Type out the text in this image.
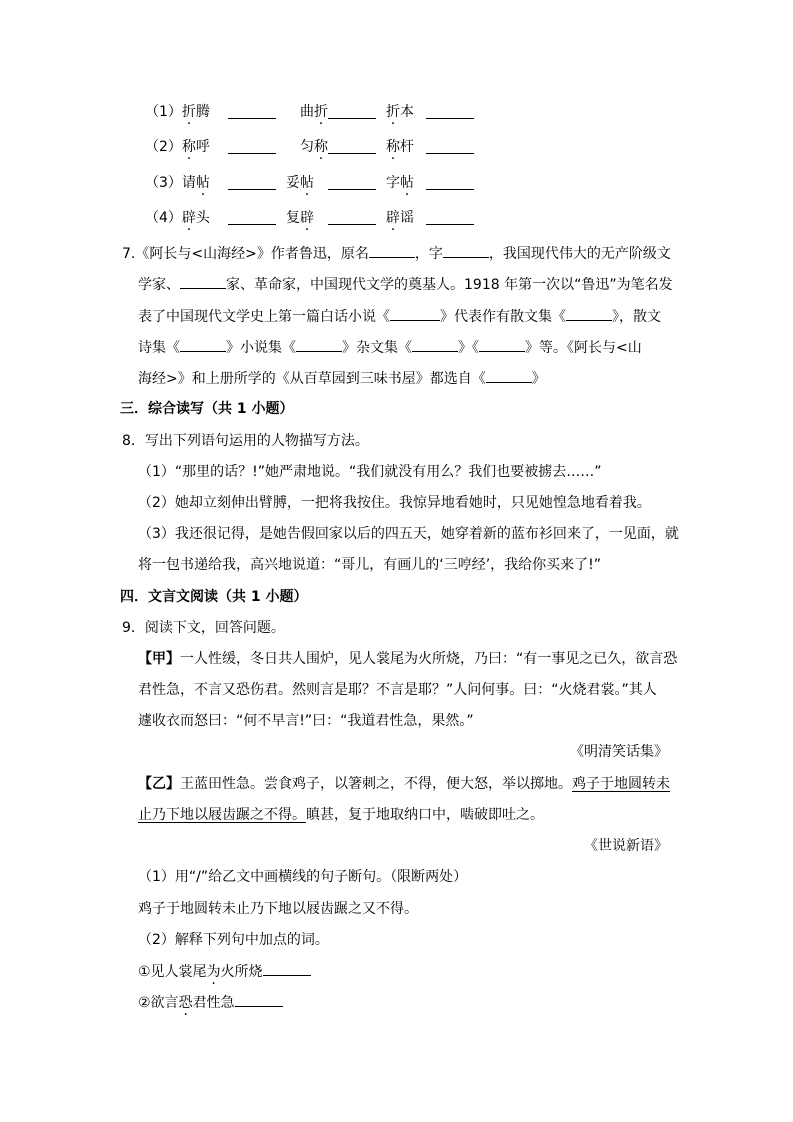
（1）折腾	曲折	折本
（2）称呼	匀称	称杆
（3）请帖	妥帖	字帖
（4）辟头	复辟	辟谣
7.《阿长与<山海经>》作者鲁迅，原名	，字	，我国现代伟大的无产阶级文
学家、	家、革命家，中国现代文学的奠基人。1918 年第一次以“鲁迅”为笔名发
表了中国现代文学史上第一篇白话小说《	》代表作有散文集《	》，散文
诗集《	》小说集《	》杂文集《	》《	》等。《阿长与<山
海经>》和上册所学的《从百草园到三味书屋》都选自《	》
三．综合读写（共 1 小题）
8．写出下列语句运用的人物描写方法。
（1）“那里的话？!”她严肃地说。“我们就没有用么？我们也要被掳去……”
（2）她却立刻伸出臂膊，一把将我按住。我惊异地看她时，只见她惶急地看着我。
（3）我还很记得，是她告假回家以后的四五天，她穿着新的蓝布衫回来了，一见面，就
将一包书递给我，高兴地说道：“哥儿，有画儿的‘三哼经’，我给你买来了!”
四．文言文阅读（共 1 小题）
9．阅读下文，回答问题。
【甲】一人性缓，冬日共人围炉，见人裳尾为火所烧，乃曰：“有一事见之已久，欲言恐
君性急，不言又恐伤君。然则言是耶？不言是耶？”人问何事。曰：“火烧君裳。”其人
遽收衣而怒曰：“何不早言!”曰：“我道君性急，果然。”
《明清笑话集》
【乙】王蓝田性急。尝食鸡子，以箸刺之，不得，便大怒，举以掷地。鸡子于地圆转未
止乃下地以屐齿蹍之不得。瞋甚，复于地取纳口中，啮破即吐之。
《世说新语》
（1）用“/”给乙文中画横线的句子断句。（限断两处）
鸡子于地圆转未止乃下地以屐齿蹍之又不得。
（2）解释下列句中加点的词。
①见人裳尾为火所烧
②欲言恐君性急
